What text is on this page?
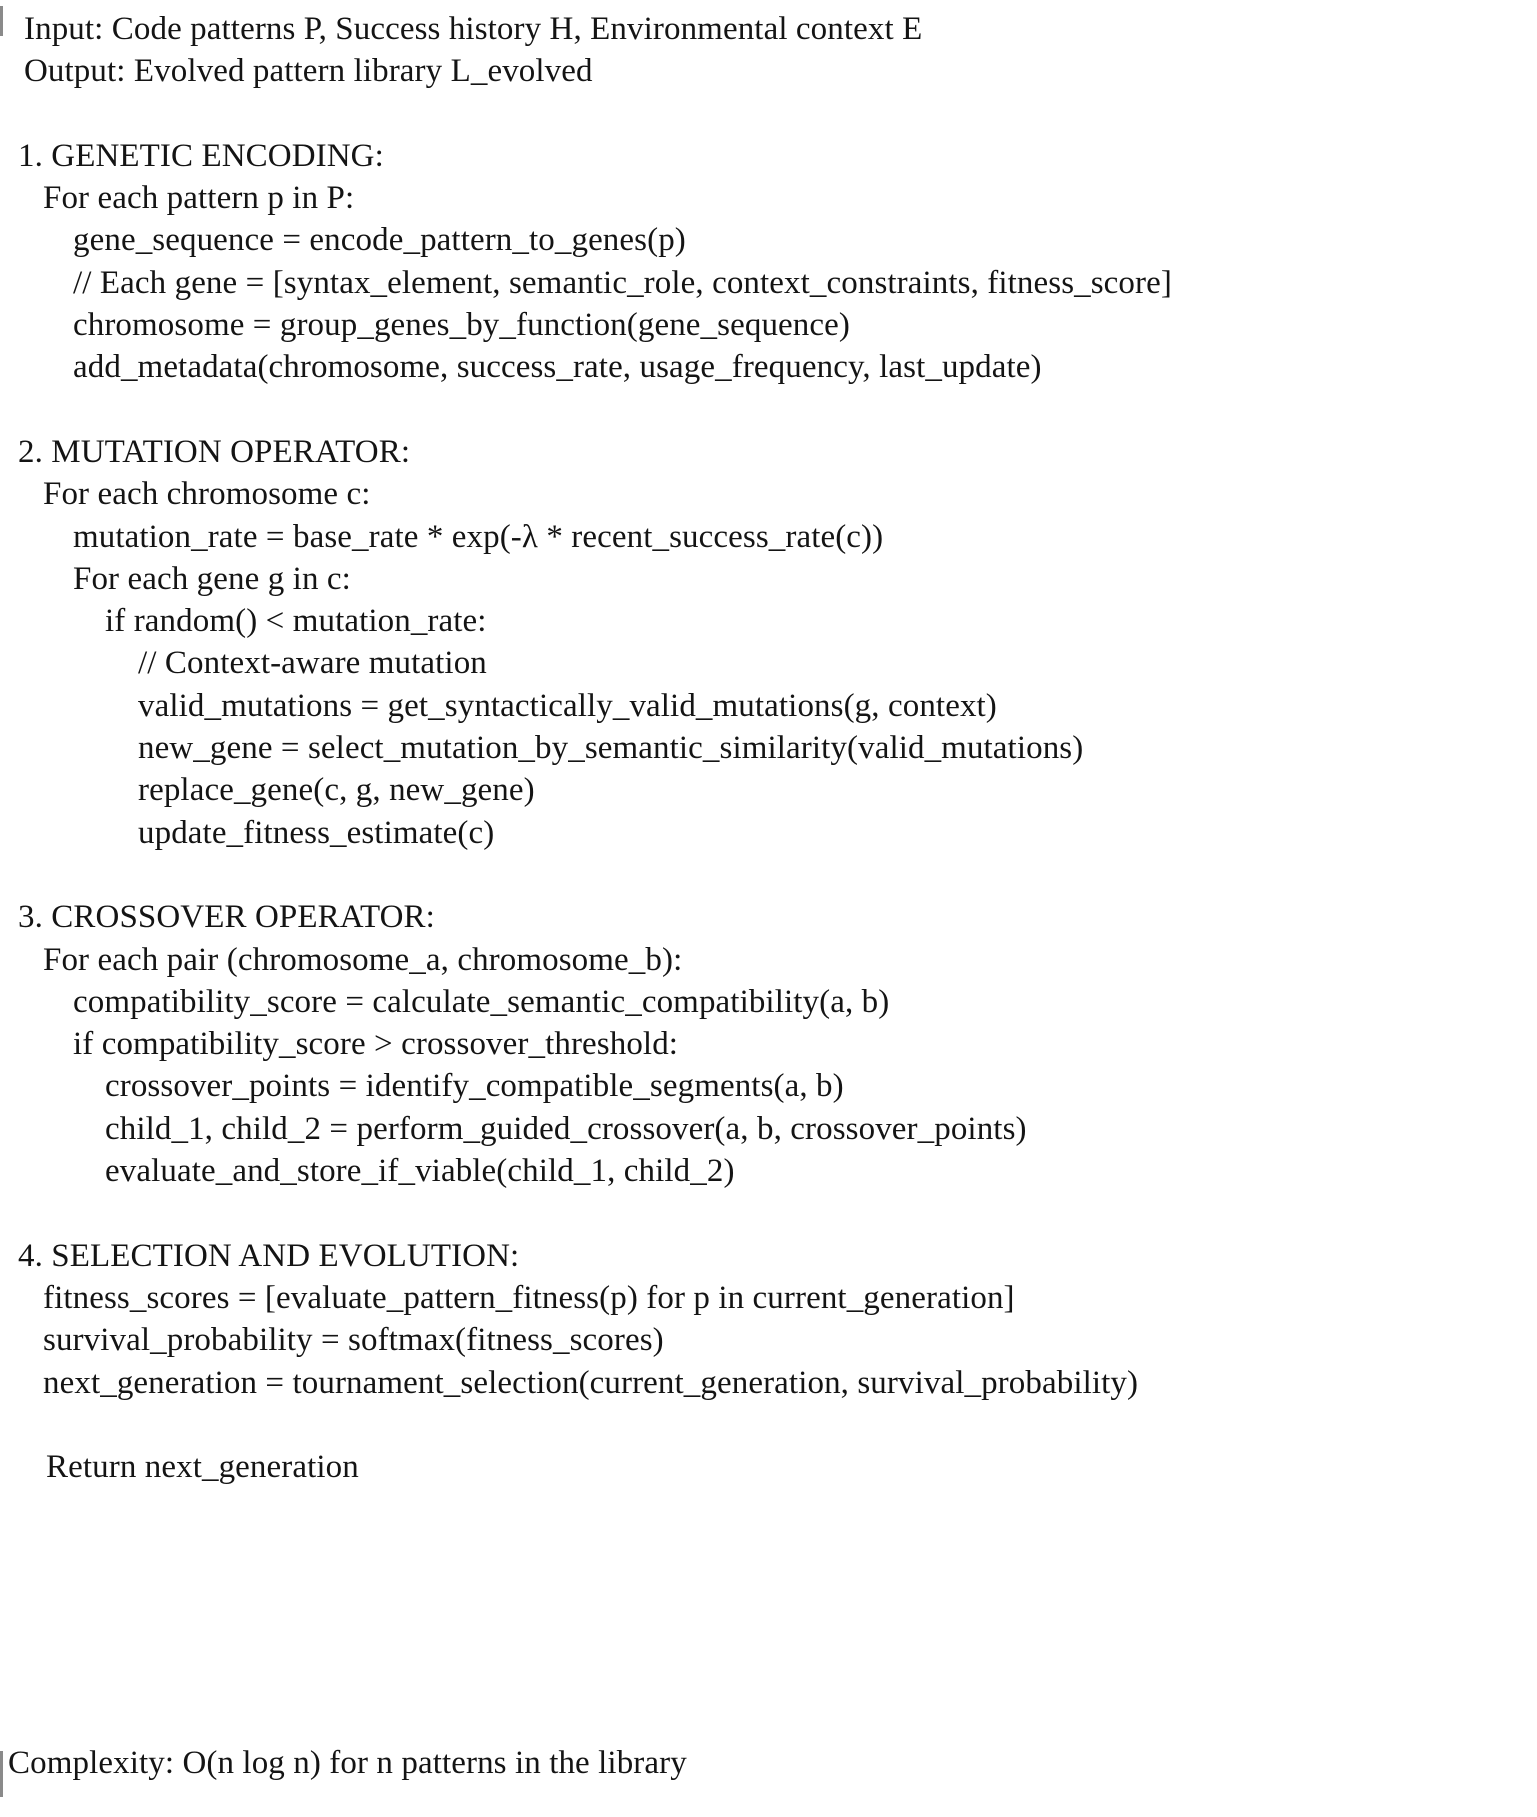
Input: Code patterns P, Success history H, Environmental context E
Output: Evolved pattern library L_evolved

1. GENETIC ENCODING:
For each pattern p in P:
gene_sequence = encode_pattern_to_genes(p)
// Each gene = [syntax_element, semantic_role, context_constraints, fitness_score]
chromosome = group_genes_by_function(gene_sequence)
add_metadata(chromosome, success_rate, usage_frequency, last_update)

2. MUTATION OPERATOR:
For each chromosome c:
mutation_rate = base_rate * exp(-λ * recent_success_rate(c))
For each gene g in c:
if random() < mutation_rate:
// Context-aware mutation
valid_mutations = get_syntactically_valid_mutations(g, context)
new_gene = select_mutation_by_semantic_similarity(valid_mutations)
replace_gene(c, g, new_gene)
update_fitness_estimate(c)

3. CROSSOVER OPERATOR:
For each pair (chromosome_a, chromosome_b):
compatibility_score = calculate_semantic_compatibility(a, b)
if compatibility_score > crossover_threshold:
crossover_points = identify_compatible_segments(a, b)
child_1, child_2 = perform_guided_crossover(a, b, crossover_points)
evaluate_and_store_if_viable(child_1, child_2)

4. SELECTION AND EVOLUTION:
fitness_scores = [evaluate_pattern_fitness(p) for p in current_generation]
survival_probability = softmax(fitness_scores)
next_generation = tournament_selection(current_generation, survival_probability)

Return next_generation

Complexity: O(n log n) for n patterns in the library
